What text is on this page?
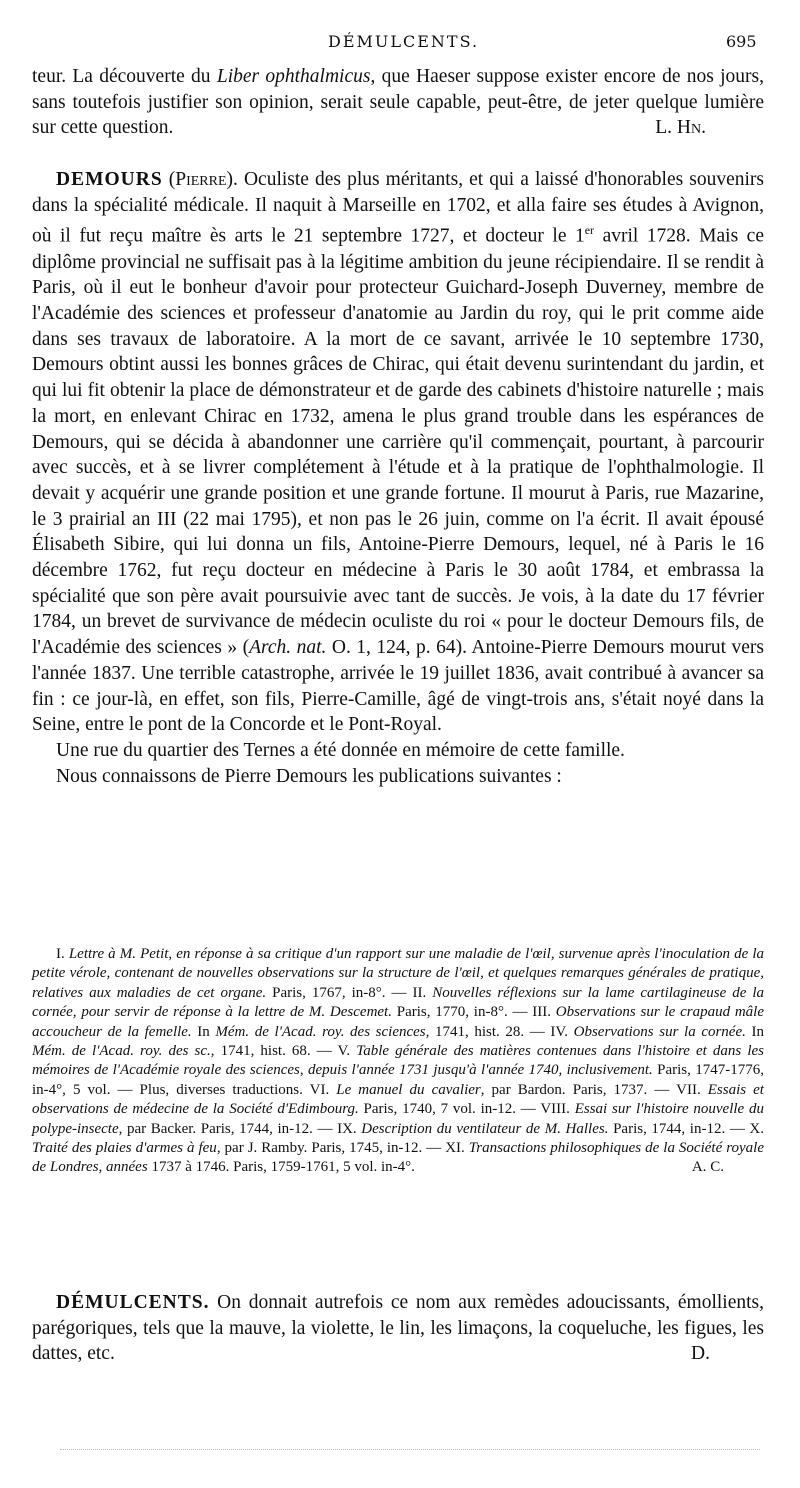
DÉMULCENTS.	695

teur. La découverte du Liber ophthalmicus, que Haeser suppose exister encore de nos jours, sans toutefois justifier son opinion, serait seule capable, peut-être, de jeter quelque lumière sur cette question.	L. Hn.

DEMOURS (Pierre). Oculiste des plus méritants, et qui a laissé d'honorables souvenirs dans la spécialité médicale. Il naquit à Marseille en 1702, et alla faire ses études à Avignon, où il fut reçu maître ès arts le 21 septembre 1727, et docteur le 1er avril 1728. Mais ce diplôme provincial ne suffisait pas à la légitime ambition du jeune récipiendaire. Il se rendit à Paris, où il eut le bonheur d'avoir pour protecteur Guichard-Joseph Duverney, membre de l'Académie des sciences et professeur d'anatomie au Jardin du roy, qui le prit comme aide dans ses travaux de laboratoire. A la mort de ce savant, arrivée le 10 septembre 1730, Demours obtint aussi les bonnes grâces de Chirac, qui était devenu surintendant du jardin, et qui lui fit obtenir la place de démonstrateur et de garde des cabinets d'histoire naturelle ; mais la mort, en enlevant Chirac en 1732, amena le plus grand trouble dans les espérances de Demours, qui se décida à abandonner une carrière qu'il commençait, pourtant, à parcourir avec succès, et à se livrer complétement à l'étude et à la pratique de l'ophthalmologie. Il devait y acquérir une grande position et une grande fortune. Il mourut à Paris, rue Mazarine, le 3 prairial an III (22 mai 1795), et non pas le 26 juin, comme on l'a écrit. Il avait épousé Élisabeth Sibire, qui lui donna un fils, Antoine-Pierre Demours, lequel, né à Paris le 16 décembre 1762, fut reçu docteur en médecine à Paris le 30 août 1784, et embrassa la spécialité que son père avait poursuivie avec tant de succès. Je vois, à la date du 17 février 1784, un brevet de survivance de médecin oculiste du roi « pour le docteur Demours fils, de l'Académie des sciences » (Arch. nat. O. 1, 124, p. 64). Antoine-Pierre Demours mourut vers l'année 1837. Une terrible catastrophe, arrivée le 19 juillet 1836, avait contribué à avancer sa fin : ce jour-là, en effet, son fils, Pierre-Camille, âgé de vingt-trois ans, s'était noyé dans la Seine, entre le pont de la Concorde et le Pont-Royal.

Une rue du quartier des Ternes a été donnée en mémoire de cette famille.

Nous connaissons de Pierre Demours les publications suivantes :

I. Lettre à M. Petit, en réponse à sa critique d'un rapport sur une maladie de l'œil, survenue après l'inoculation de la petite vérole, contenant de nouvelles observations sur la structure de l'œil, et quelques remarques générales de pratique, relatives aux maladies de cet organe. Paris, 1767, in-8°. — II. Nouvelles réflexions sur la lame cartilagineuse de la cornée, pour servir de réponse à la lettre de M. Descemet. Paris, 1770, in-8°. — III. Observations sur le crapaud mâle accoucheur de la femelle. In Mém. de l'Acad. roy. des sciences, 1741, hist. 28. — IV. Observations sur la cornée. In Mém. de l'Acad. roy. des sc., 1741, hist. 68. — V. Table générale des matières contenues dans l'histoire et dans les mémoires de l'Académie royale des sciences, depuis l'année 1731 jusqu'à l'année 1740, inclusivement. Paris, 1747-1776, in-4°, 5 vol. — Plus, diverses traductions. VI. Le manuel du cavalier, par Bardon. Paris, 1737. — VII. Essais et observations de médecine de la Société d'Edimbourg. Paris, 1740, 7 vol. in-12. — VIII. Essai sur l'histoire nouvelle du polype-insecte, par Backer. Paris, 1744, in-12. — IX. Description du ventilateur de M. Halles. Paris, 1744, in-12. — X. Traité des plaies d'armes à feu, par J. Ramby. Paris, 1745, in-12. — XI. Transactions philosophiques de la Société royale de Londres, années 1737 à 1746. Paris, 1759-1761, 5 vol. in-4°.	A. C.

DÉMULCENTS. On donnait autrefois ce nom aux remèdes adoucissants, émollients, parégoriques, tels que la mauve, la violette, le lin, les limaçons, la coqueluche, les figues, les dattes, etc.	D.
